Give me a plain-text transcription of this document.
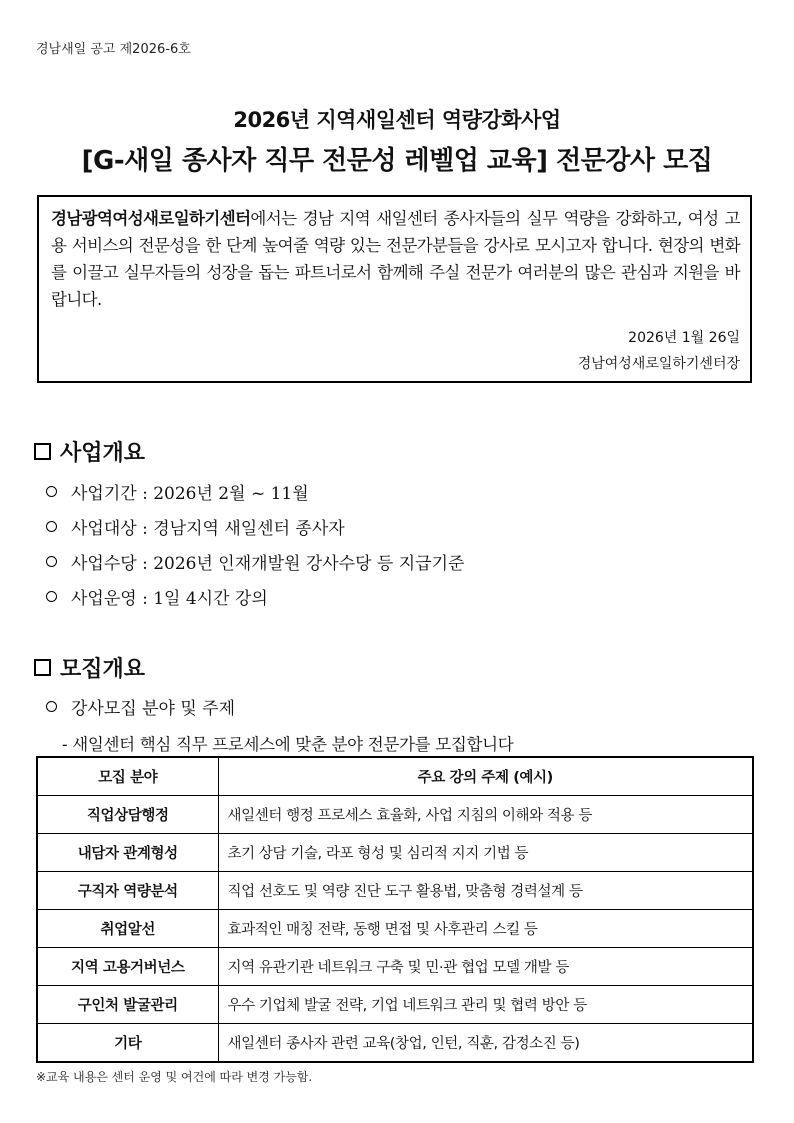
경남새일 공고 제2026-6호
2026년 지역새일센터 역량강화사업
[G-새일 종사자 직무 전문성 레벨업 교육] 전문강사 모집

경남광역여성새로일하기센터에서는 경남 지역 새일센터 종사자들의 실무 역량을 강화하고, 여성 고용 서비스의 전문성을 한 단계 높여줄 역량 있는 전문가분들을 강사로 모시고자 합니다. 현장의 변화를 이끌고 실무자들의 성장을 돕는 파트너로서 함께해 주실 전문가 여러분의 많은 관심과 지원을 바랍니다.

2026년 1월 26일
경남여성새로일하기센터장
사업개요
사업기간 : 2026년 2월 ~ 11월
사업대상 : 경남지역 새일센터 종사자
사업수당 : 2026년 인재개발원 강사수당 등 지급기준
사업운영 : 1일 4시간 강의
모집개요
강사모집 분야 및 주제
- 새일센터 핵심 직무 프로세스에 맞춘 분야 전문가를 모집합니다
모집 분야	주요 강의 주제 (예시)
직업상담행정	새일센터 행정 프로세스 효율화, 사업 지침의 이해와 적용 등
내담자 관계형성	초기 상담 기술, 라포 형성 및 심리적 지지 기법 등
구직자 역량분석	직업 선호도 및 역량 진단 도구 활용법, 맞춤형 경력설계 등
취업알선	효과적인 매칭 전략, 동행 면접 및 사후관리 스킬 등
지역 고용거버넌스	지역 유관기관 네트워크 구축 및 민·관 협업 모델 개발 등
구인처 발굴관리	우수 기업체 발굴 전략, 기업 네트워크 관리 및 협력 방안 등
기타	새일센터 종사자 관련 교육(창업, 인턴, 직훈, 감정소진 등)
※교육 내용은 센터 운영 및 여건에 따라 변경 가능함.
